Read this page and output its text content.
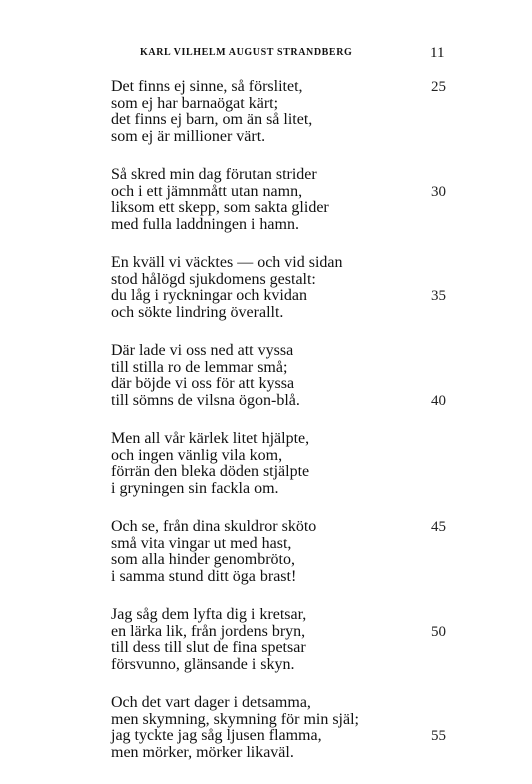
KARL VILHELM AUGUST STRANDBERG	11
Det finns ej sinne, så förslitet,	25
som ej har barnaögat kärt;
det finns ej barn, om än så litet,
som ej är millioner värt.
Så skred min dag förutan strider
och i ett jämnmått utan namn,	30
liksom ett skepp, som sakta glider
med fulla laddningen i hamn.
En kväll vi väcktes — och vid sidan
stod hålögd sjukdomens gestalt:
du låg i ryckningar och kvidan	35
och sökte lindring överallt.
Där lade vi oss ned att vyssa
till stilla ro de lemmar små;
där böjde vi oss för att kyssa
till sömns de vilsna ögon-blå.	40
Men all vår kärlek litet hjälpte,
och ingen vänlig vila kom,
förrän den bleka döden stjälpte
i gryningen sin fackla om.
Och se, från dina skuldror sköto	45
små vita vingar ut med hast,
som alla hinder genombröto,
i samma stund ditt öga brast!
Jag såg dem lyfta dig i kretsar,
en lärka lik, från jordens bryn,	50
till dess till slut de fina spetsar
försvunno, glänsande i skyn.
Och det vart dager i detsamma,
men skymning, skymning för min själ;
jag tyckte jag såg ljusen flamma,	55
men mörker, mörker likaväl.
